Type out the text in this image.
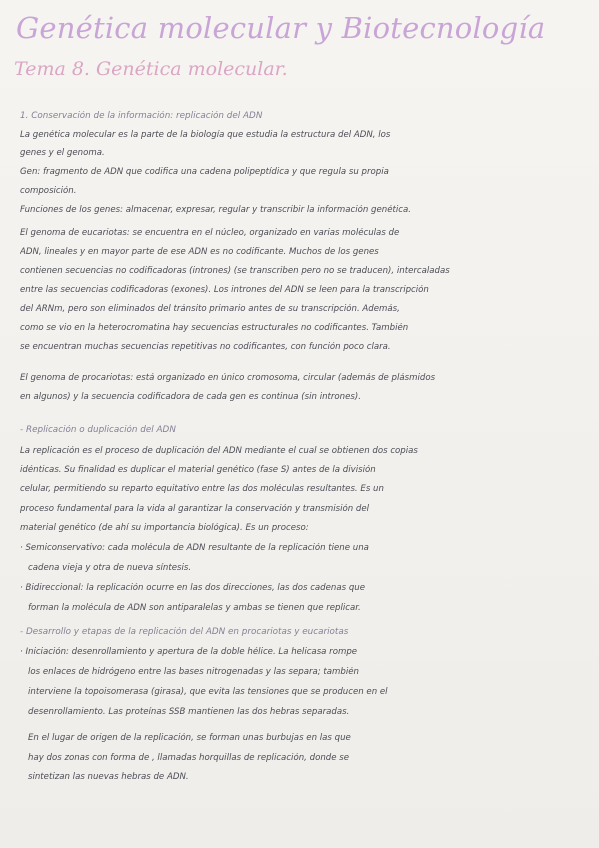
Genética molecular y Biotecnología
Tema 8. Genética molecular.
1. Conservación de la información: replicación del ADN
La genética molecular es la parte de la biología que estudia la estructura del ADN, los
genes y el genoma.
Gen: fragmento de ADN que codifica una cadena polipeptídica y que regula su propia
composición.
Funciones de los genes: almacenar, expresar, regular y transcribir la información genética.
El genoma de eucariotas: se encuentra en el núcleo, organizado en varias moléculas de
ADN, lineales y en mayor parte de ese ADN es no codificante. Muchos de los genes
contienen secuencias no codificadoras (intrones) (se transcriben pero no se traducen), intercaladas
entre las secuencias codificadoras (exones). Los intrones del ADN se leen para la transcripción
del ARNm, pero son eliminados del tránsito primario antes de su transcripción. Además,
como se vio en la heterocromatina hay secuencias estructurales no codificantes. También
se encuentran muchas secuencias repetitivas no codificantes, con función poco clara.
El genoma de procariotas: está organizado en único cromosoma, circular (además de plásmidos
en algunos) y la secuencia codificadora de cada gen es continua (sin intrones).
- Replicación o duplicación del ADN
La replicación es el proceso de duplicación del ADN mediante el cual se obtienen dos copias
idénticas. Su finalidad es duplicar el material genético (fase S) antes de la división
celular, permitiendo su reparto equitativo entre las dos moléculas resultantes. Es un
proceso fundamental para la vida al garantizar la conservación y transmisión del
material genético (de ahí su importancia biológica). Es un proceso:
· Semiconservativo: cada molécula de ADN resultante de la replicación tiene una
cadena vieja y otra de nueva síntesis.
· Bidireccional: la replicación ocurre en las dos direcciones, las dos cadenas que
forman la molécula de ADN son antiparalelas y ambas se tienen que replicar.
- Desarrollo y etapas de la replicación del ADN en procariotas y eucariotas
· Iniciación: desenrollamiento y apertura de la doble hélice. La helicasa rompe
los enlaces de hidrógeno entre las bases nitrogenadas y las separa; también
interviene la topoisomerasa (girasa), que evita las tensiones que se producen en el
desenrollamiento. Las proteínas SSB mantienen las dos hebras separadas.
En el lugar de origen de la replicación, se forman unas burbujas en las que
hay dos zonas con forma de , llamadas horquillas de replicación, donde se
sintetizan las nuevas hebras de ADN.
